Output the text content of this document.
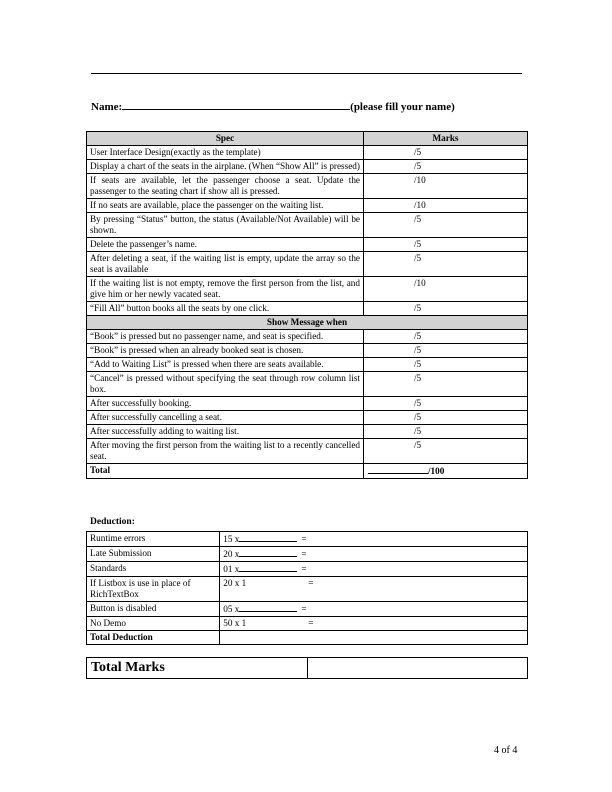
Name:	(please fill your name)
Spec	Marks
User Interface Design(exactly as the template)	/5
Display a chart of the seats in the airplane. (When “Show All” is pressed)	/5
If seats are available, let the passenger choose a seat. Update the passenger to the seating chart if show all is pressed.	/10
If no seats are available, place the passenger on the waiting list.	/10
By pressing “Status” button, the status (Available/Not Available) will be shown.	/5
Delete the passenger’s name.	/5
After deleting a seat, if the waiting list is empty, update the array so the seat is available	/5
If the waiting list is not empty, remove the first person from the list, and give him or her newly vacated seat.	/10
“Fill All” button books all the seats by one click.	/5
Show Message when	
“Book” is pressed but no passenger name, and seat is specified.	/5
“Book” is pressed when an already booked seat is chosen.	/5
“Add to Waiting List” is pressed when there are seats available.	/5
“Cancel” is pressed without specifying the seat through row column list box.	/5
After successfully booking.	/5
After successfully cancelling a seat.	/5
After successfully adding to waiting list.	/5
After moving the first person from the waiting list to a recently cancelled seat.	/5
Total	/100
Deduction:
Runtime errors	15 x =
Late Submission	20 x =
Standards	01 x =
If Listbox is use in place of RichTextBox	20 x 1 =
Button is disabled	05 x =
No Demo	50 x 1 =
Total Deduction	
Total Marks	
4 of 4
